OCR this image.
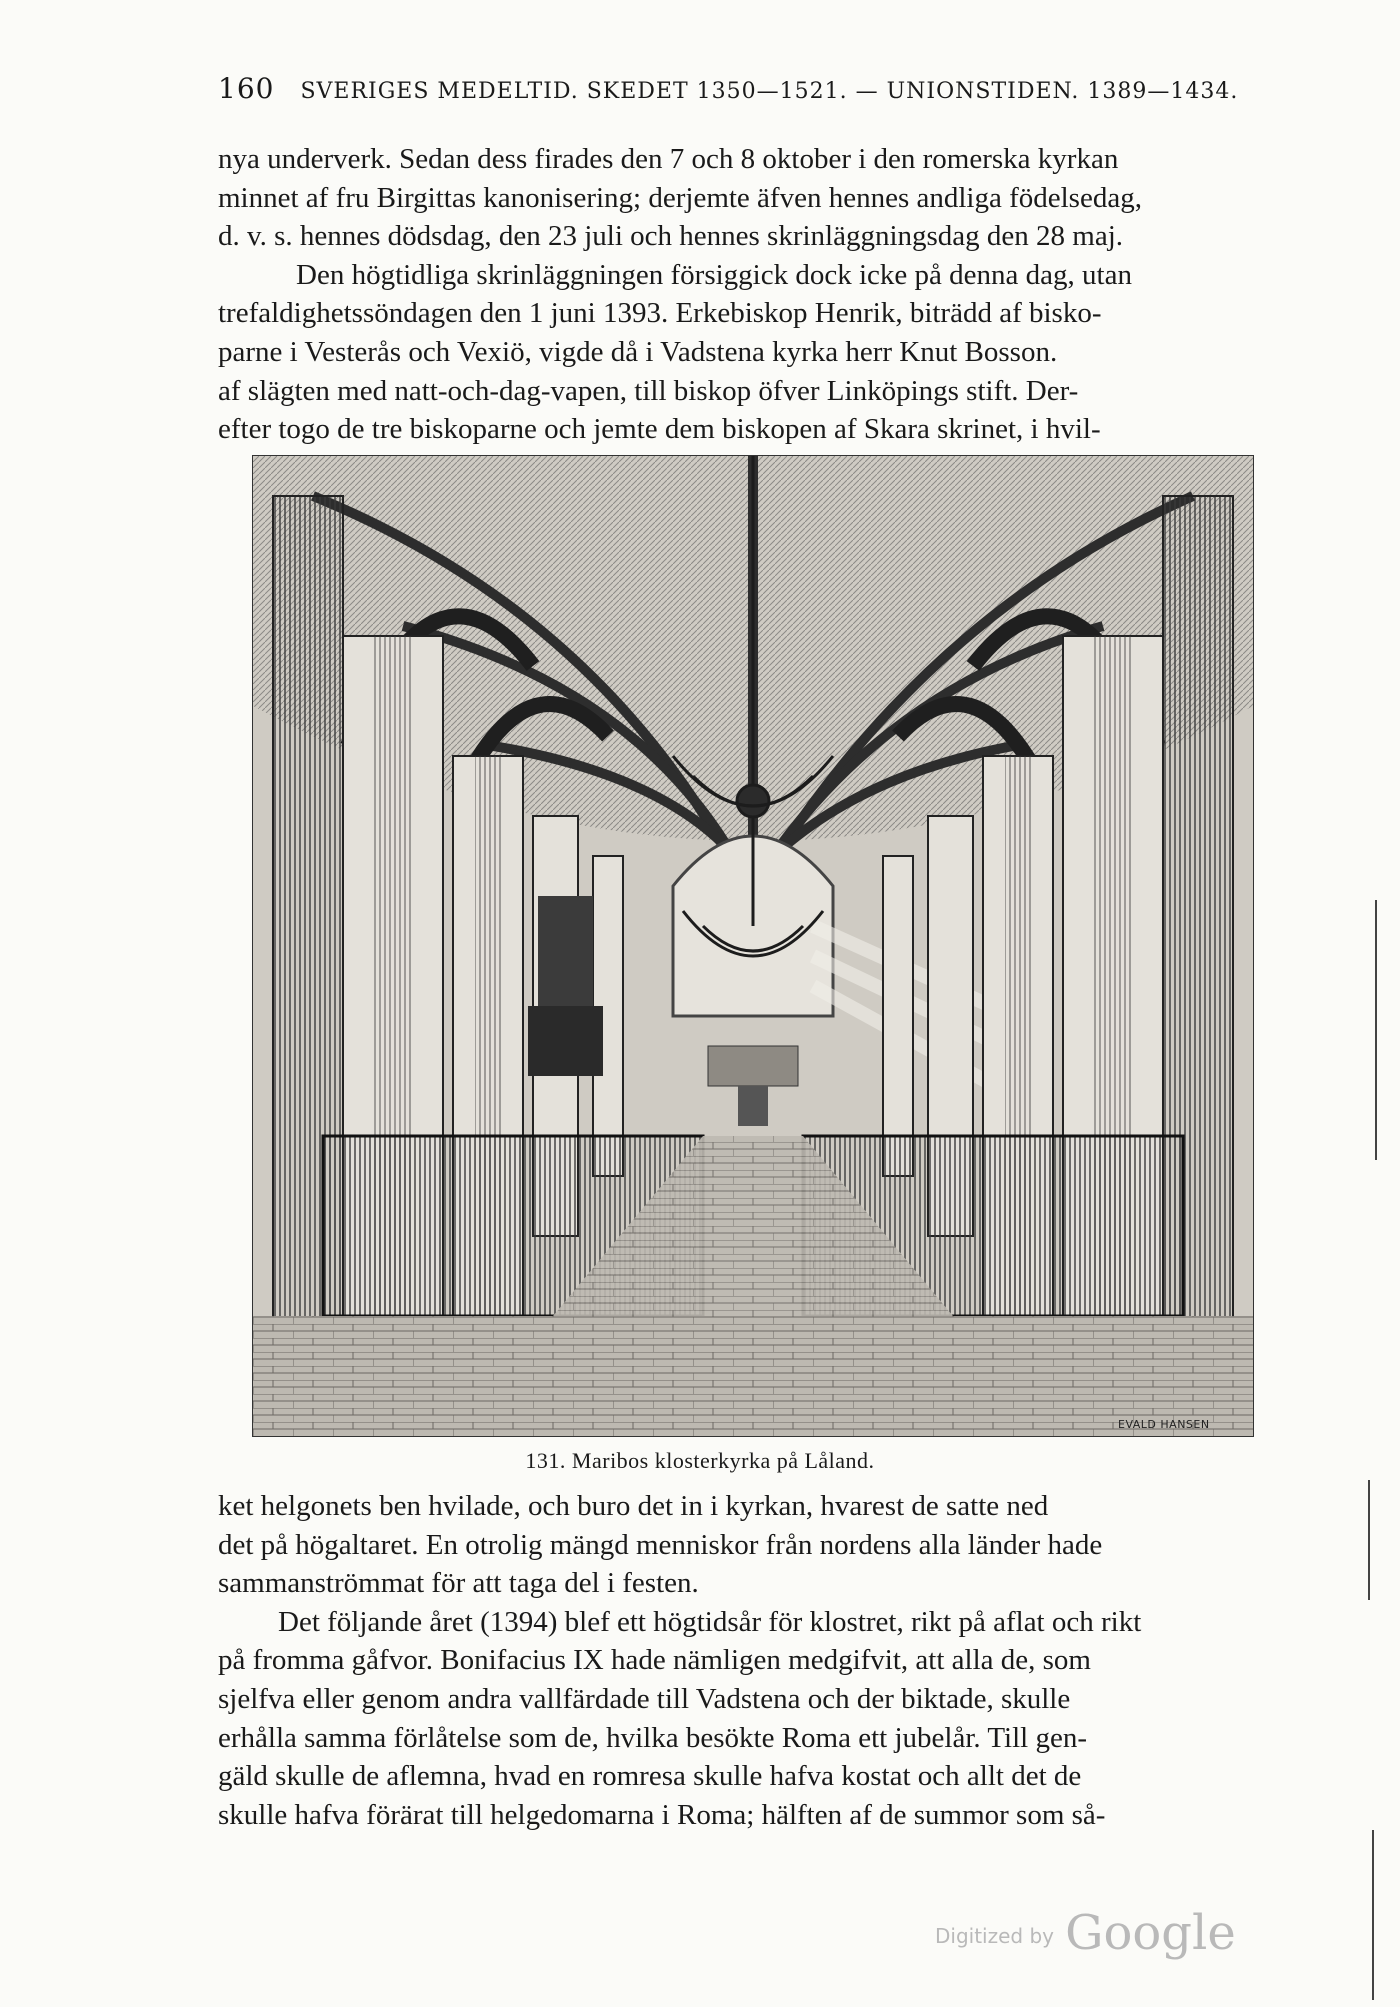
160 SVERIGES MEDELTID. SKEDET 1350—1521. — UNIONSTIDEN. 1389—1434.
nya underverk. Sedan dess firades den 7 och 8 oktober i den romerska kyrkan
minnet af fru Birgittas kanonisering; derjemte äfven hennes andliga födelsedag,
d. v. s. hennes dödsdag, den 23 juli och hennes skrinläggningsdag den 28 maj.
Den högtidliga skrinläggningen försiggick dock icke på denna dag, utan
trefaldighetssöndagen den 1 juni 1393. Erkebiskop Henrik, biträdd af bisko-
parne i Vesterås och Vexiö, vigde då i Vadstena kyrka herr Knut Bosson.
af slägten med natt-och-dag-vapen, till biskop öfver Linköpings stift. Der-
efter togo de tre biskoparne och jemte dem biskopen af Skara skrinet, i hvil-
EVALD HANSEN
131. Maribos klosterkyrka på Låland.
ket helgonets ben hvilade, och buro det in i kyrkan, hvarest de satte ned
det på högaltaret. En otrolig mängd menniskor från nordens alla länder hade
sammanströmmat för att taga del i festen.
Det följande året (1394) blef ett högtidsår för klostret, rikt på aflat och rikt
på fromma gåfvor. Bonifacius IX hade nämligen medgifvit, att alla de, som
sjelfva eller genom andra vallfärdade till Vadstena och der biktade, skulle
erhålla samma förlåtelse som de, hvilka besökte Roma ett jubelår. Till gen-
gäld skulle de aflemna, hvad en romresa skulle hafva kostat och allt det de
skulle hafva förärat till helgedomarna i Roma; hälften af de summor som så-
Digitized by Google
